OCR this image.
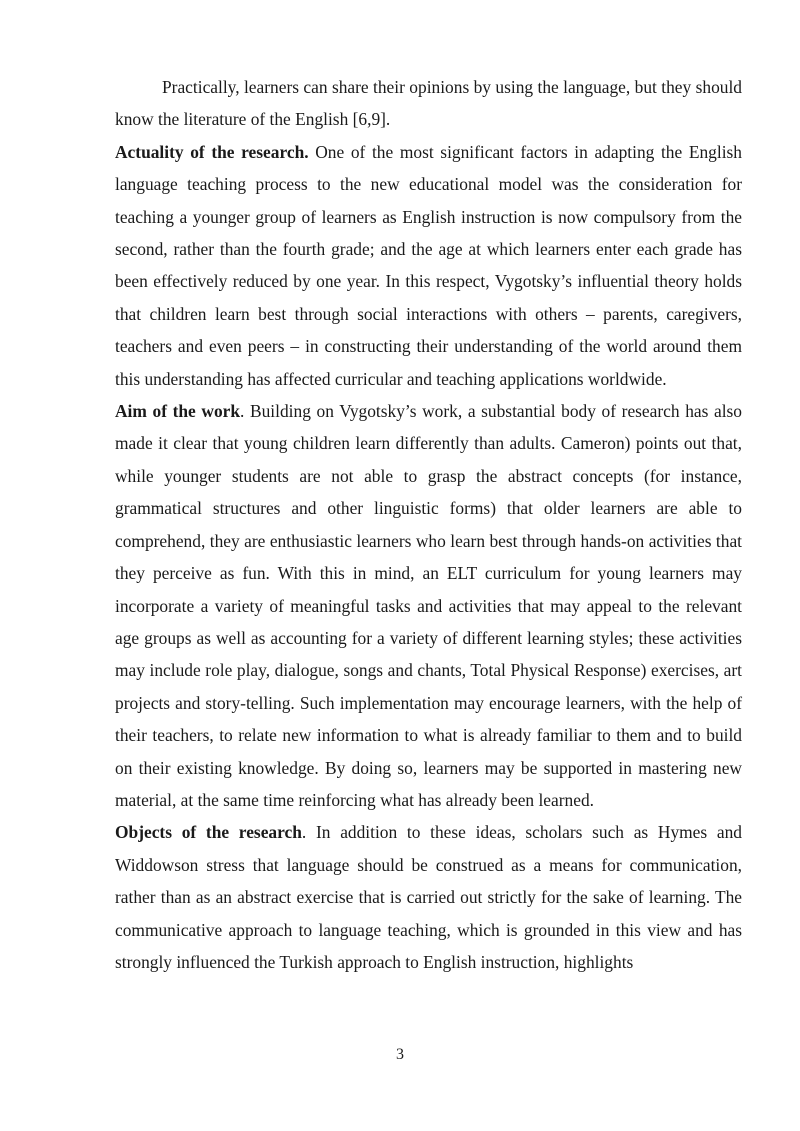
Practically, learners can share their opinions by using the language, but they should know the literature of the English [6,9].

Actuality of the research. One of the most significant factors in adapting the English language teaching process to the new educational model was the consideration for teaching a younger group of learners as English instruction is now compulsory from the second, rather than the fourth grade; and the age at which learners enter each grade has been effectively reduced by one year. In this respect, Vygotsky’s influential theory holds that children learn best through social interactions with others – parents, caregivers, teachers and even peers – in constructing their understanding of the world around them this understanding has affected curricular and teaching applications worldwide.

Aim of the work. Building on Vygotsky’s work, a substantial body of research has also made it clear that young children learn differently than adults. Cameron) points out that, while younger students are not able to grasp the abstract concepts (for instance, grammatical structures and other linguistic forms) that older learners are able to comprehend, they are enthusiastic learners who learn best through hands-on activities that they perceive as fun. With this in mind, an ELT curriculum for young learners may incorporate a variety of meaningful tasks and activities that may appeal to the relevant age groups as well as accounting for a variety of different learning styles; these activities may include role play, dialogue, songs and chants, Total Physical Response) exercises, art projects and story-telling. Such implementation may encourage learners, with the help of their teachers, to relate new information to what is already familiar to them and to build on their existing knowledge. By doing so, learners may be supported in mastering new material, at the same time reinforcing what has already been learned.

Objects of the research. In addition to these ideas, scholars such as Hymes and Widdowson stress that language should be construed as a means for communication, rather than as an abstract exercise that is carried out strictly for the sake of learning. The communicative approach to language teaching, which is grounded in this view and has strongly influenced the Turkish approach to English instruction, highlights

3
